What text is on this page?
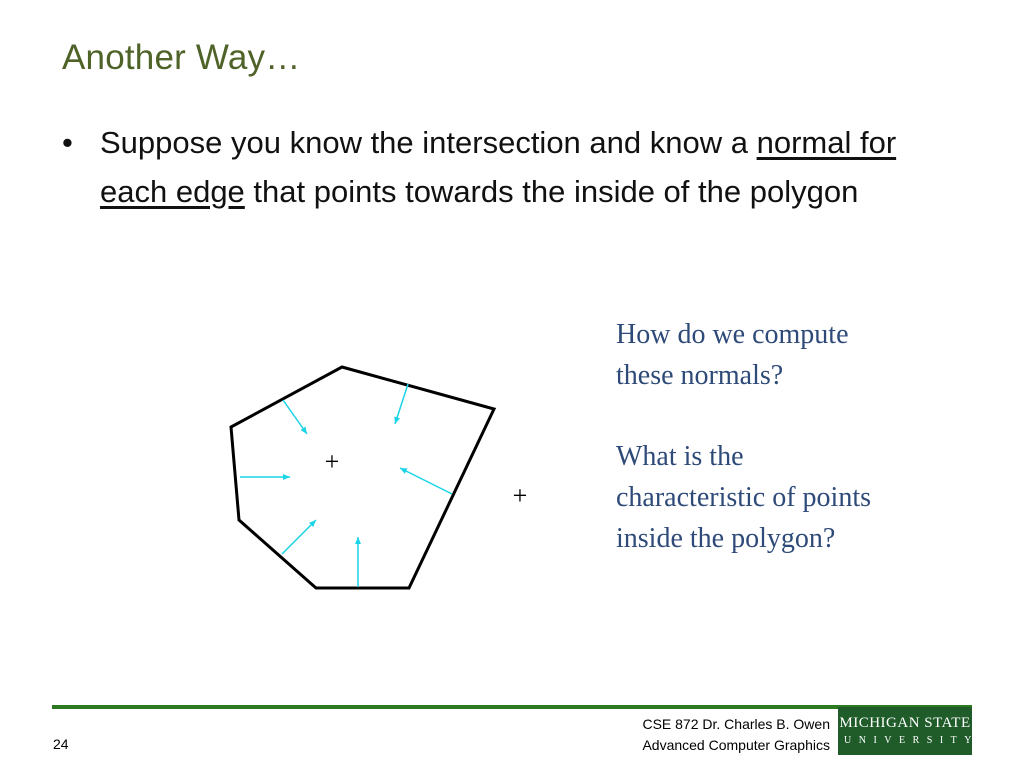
Another Way…
• Suppose you know the intersection and know a normal for each edge that points towards the inside of the polygon
+
+

How do we compute these normals?

What is the characteristic of points inside the polygon?

24
CSE 872 Dr. Charles B. Owen
Advanced Computer Graphics
MICHIGAN STATE
UNIVERSITY
